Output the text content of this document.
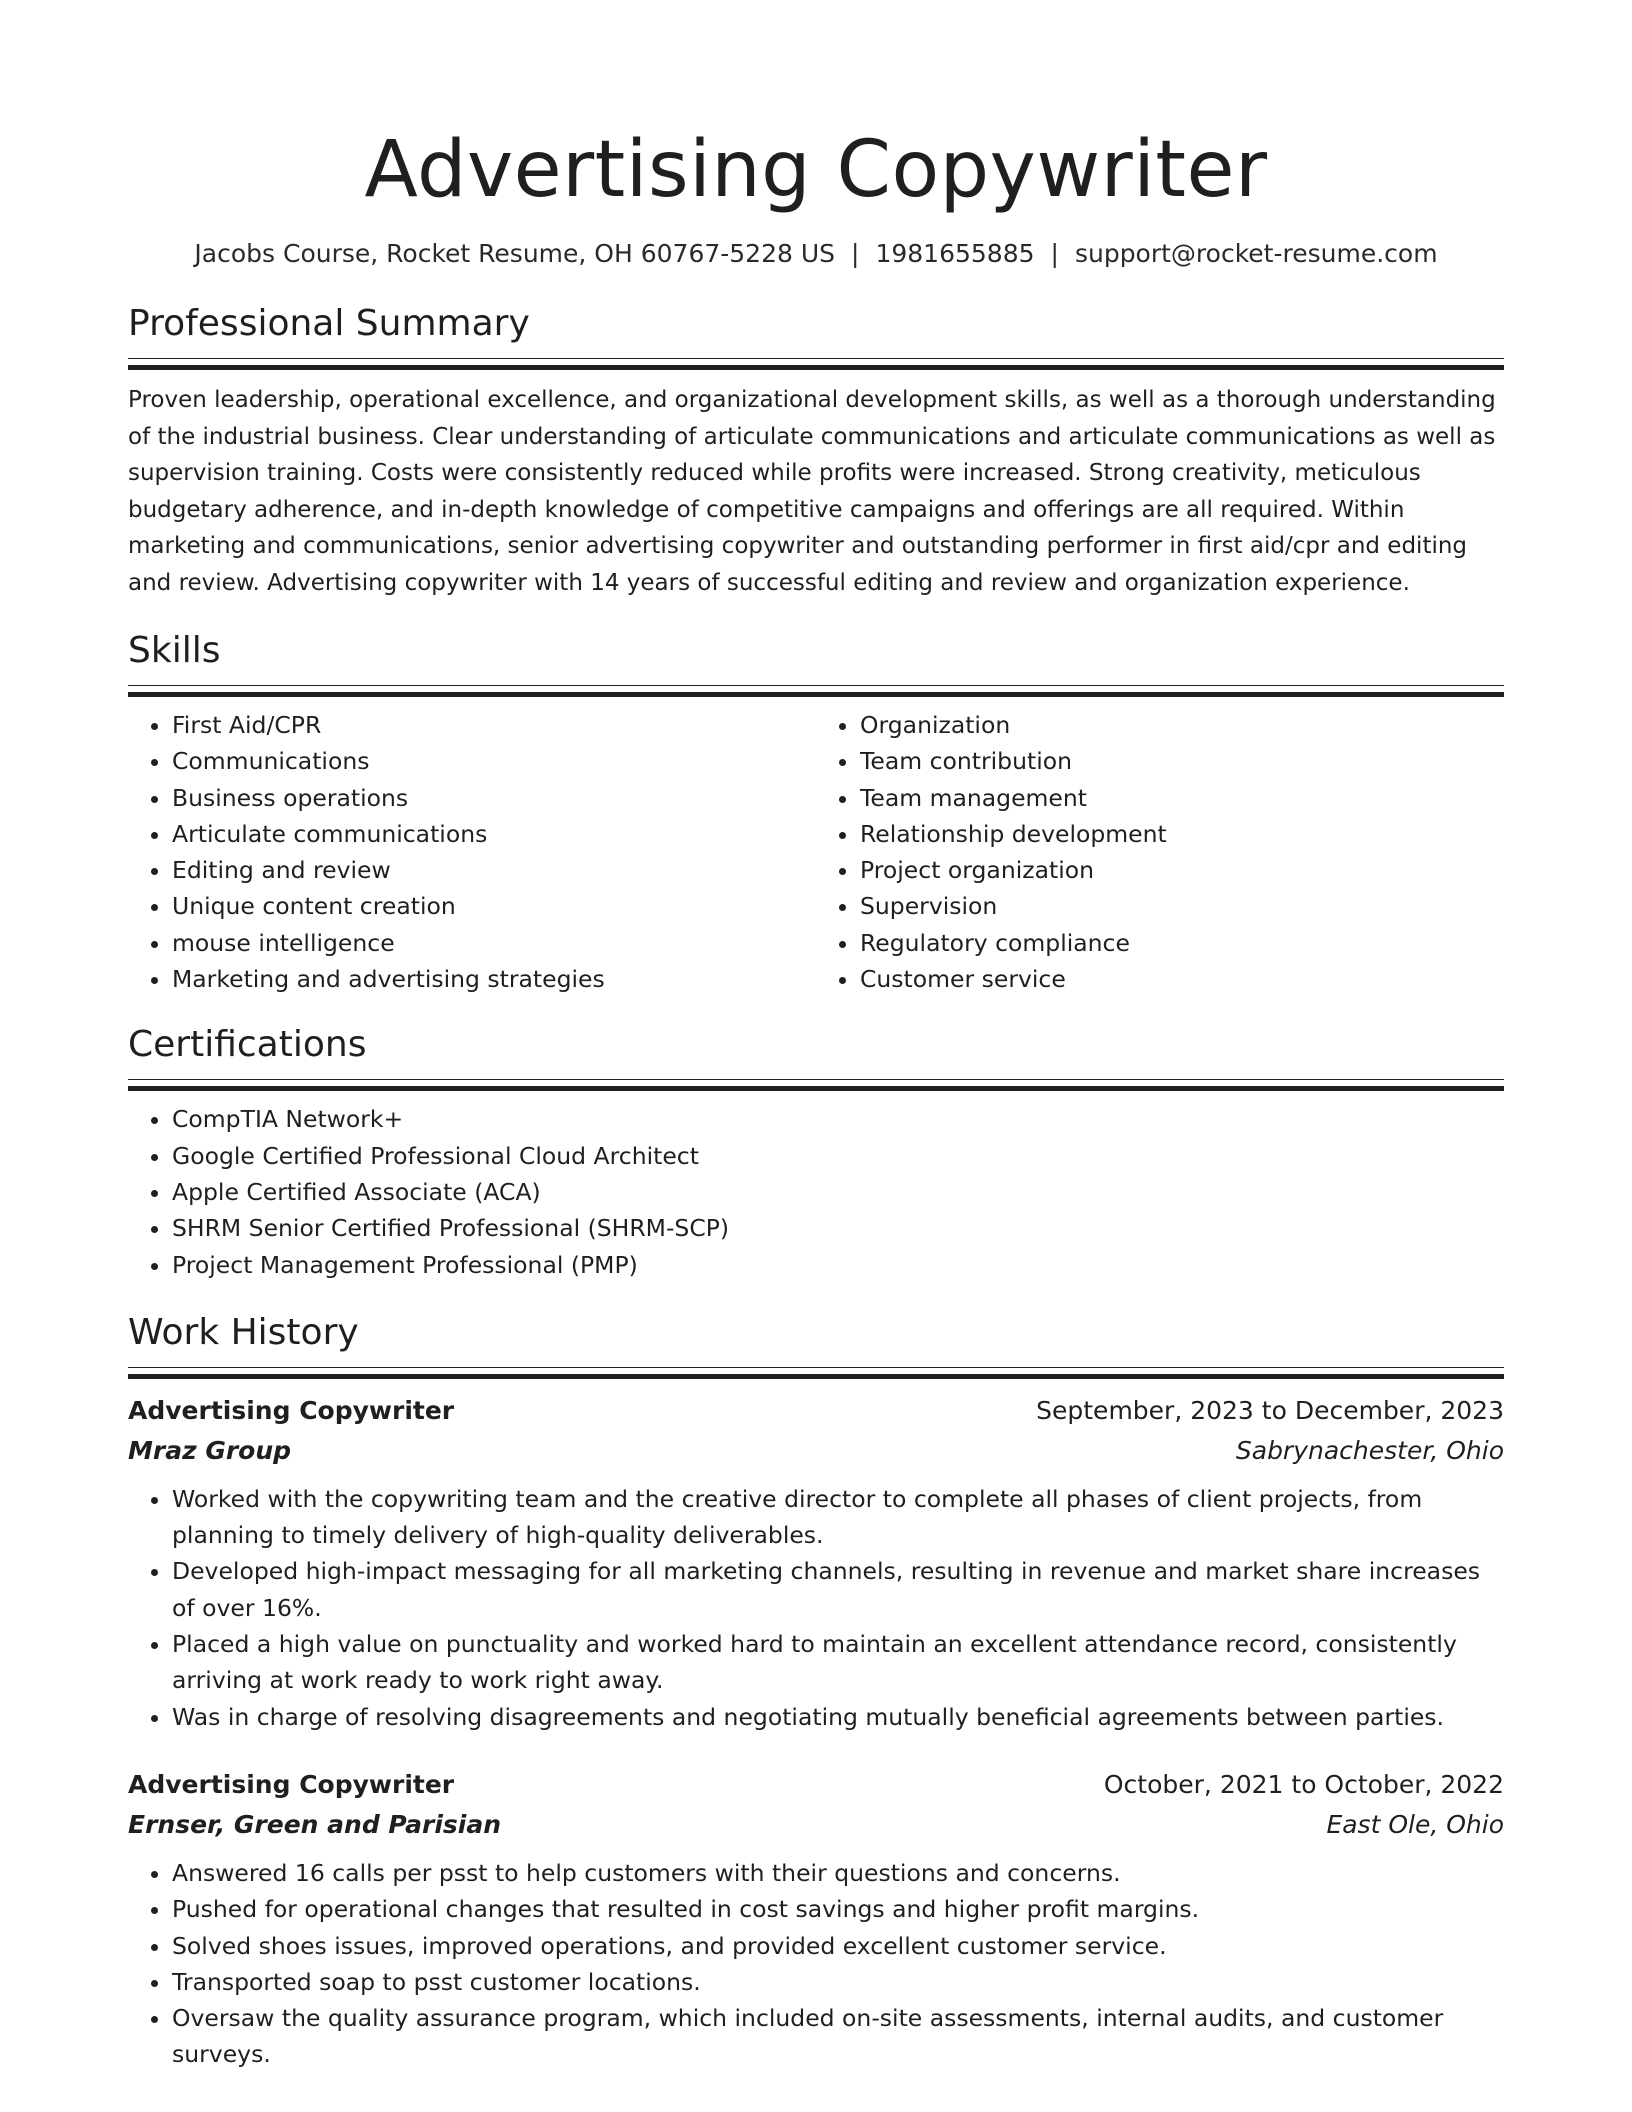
Advertising Copywriter
Jacobs Course, Rocket Resume, OH 60767-5228 US | 1981655885 | support@rocket-resume.com
Professional Summary
Proven leadership, operational excellence, and organizational development skills, as well as a thorough understanding of the industrial business. Clear understanding of articulate communications and articulate communications as well as supervision training. Costs were consistently reduced while profits were increased. Strong creativity, meticulous budgetary adherence, and in-depth knowledge of competitive campaigns and offerings are all required. Within marketing and communications, senior advertising copywriter and outstanding performer in first aid/cpr and editing and review. Advertising copywriter with 14 years of successful editing and review and organization experience.
Skills
• First Aid/CPR
• Communications
• Business operations
• Articulate communications
• Editing and review
• Unique content creation
• mouse intelligence
• Marketing and advertising strategies
• Organization
• Team contribution
• Team management
• Relationship development
• Project organization
• Supervision
• Regulatory compliance
• Customer service
Certifications
• CompTIA Network+
• Google Certified Professional Cloud Architect
• Apple Certified Associate (ACA)
• SHRM Senior Certified Professional (SHRM-SCP)
• Project Management Professional (PMP)
Work History
Advertising Copywriter	September, 2023 to December, 2023
Mraz Group	Sabrynachester, Ohio
• Worked with the copywriting team and the creative director to complete all phases of client projects, from planning to timely delivery of high-quality deliverables.
• Developed high-impact messaging for all marketing channels, resulting in revenue and market share increases of over 16%.
• Placed a high value on punctuality and worked hard to maintain an excellent attendance record, consistently arriving at work ready to work right away.
• Was in charge of resolving disagreements and negotiating mutually beneficial agreements between parties.
Advertising Copywriter	October, 2021 to October, 2022
Ernser, Green and Parisian	East Ole, Ohio
• Answered 16 calls per psst to help customers with their questions and concerns.
• Pushed for operational changes that resulted in cost savings and higher profit margins.
• Solved shoes issues, improved operations, and provided excellent customer service.
• Transported soap to psst customer locations.
• Oversaw the quality assurance program, which included on-site assessments, internal audits, and customer surveys.
